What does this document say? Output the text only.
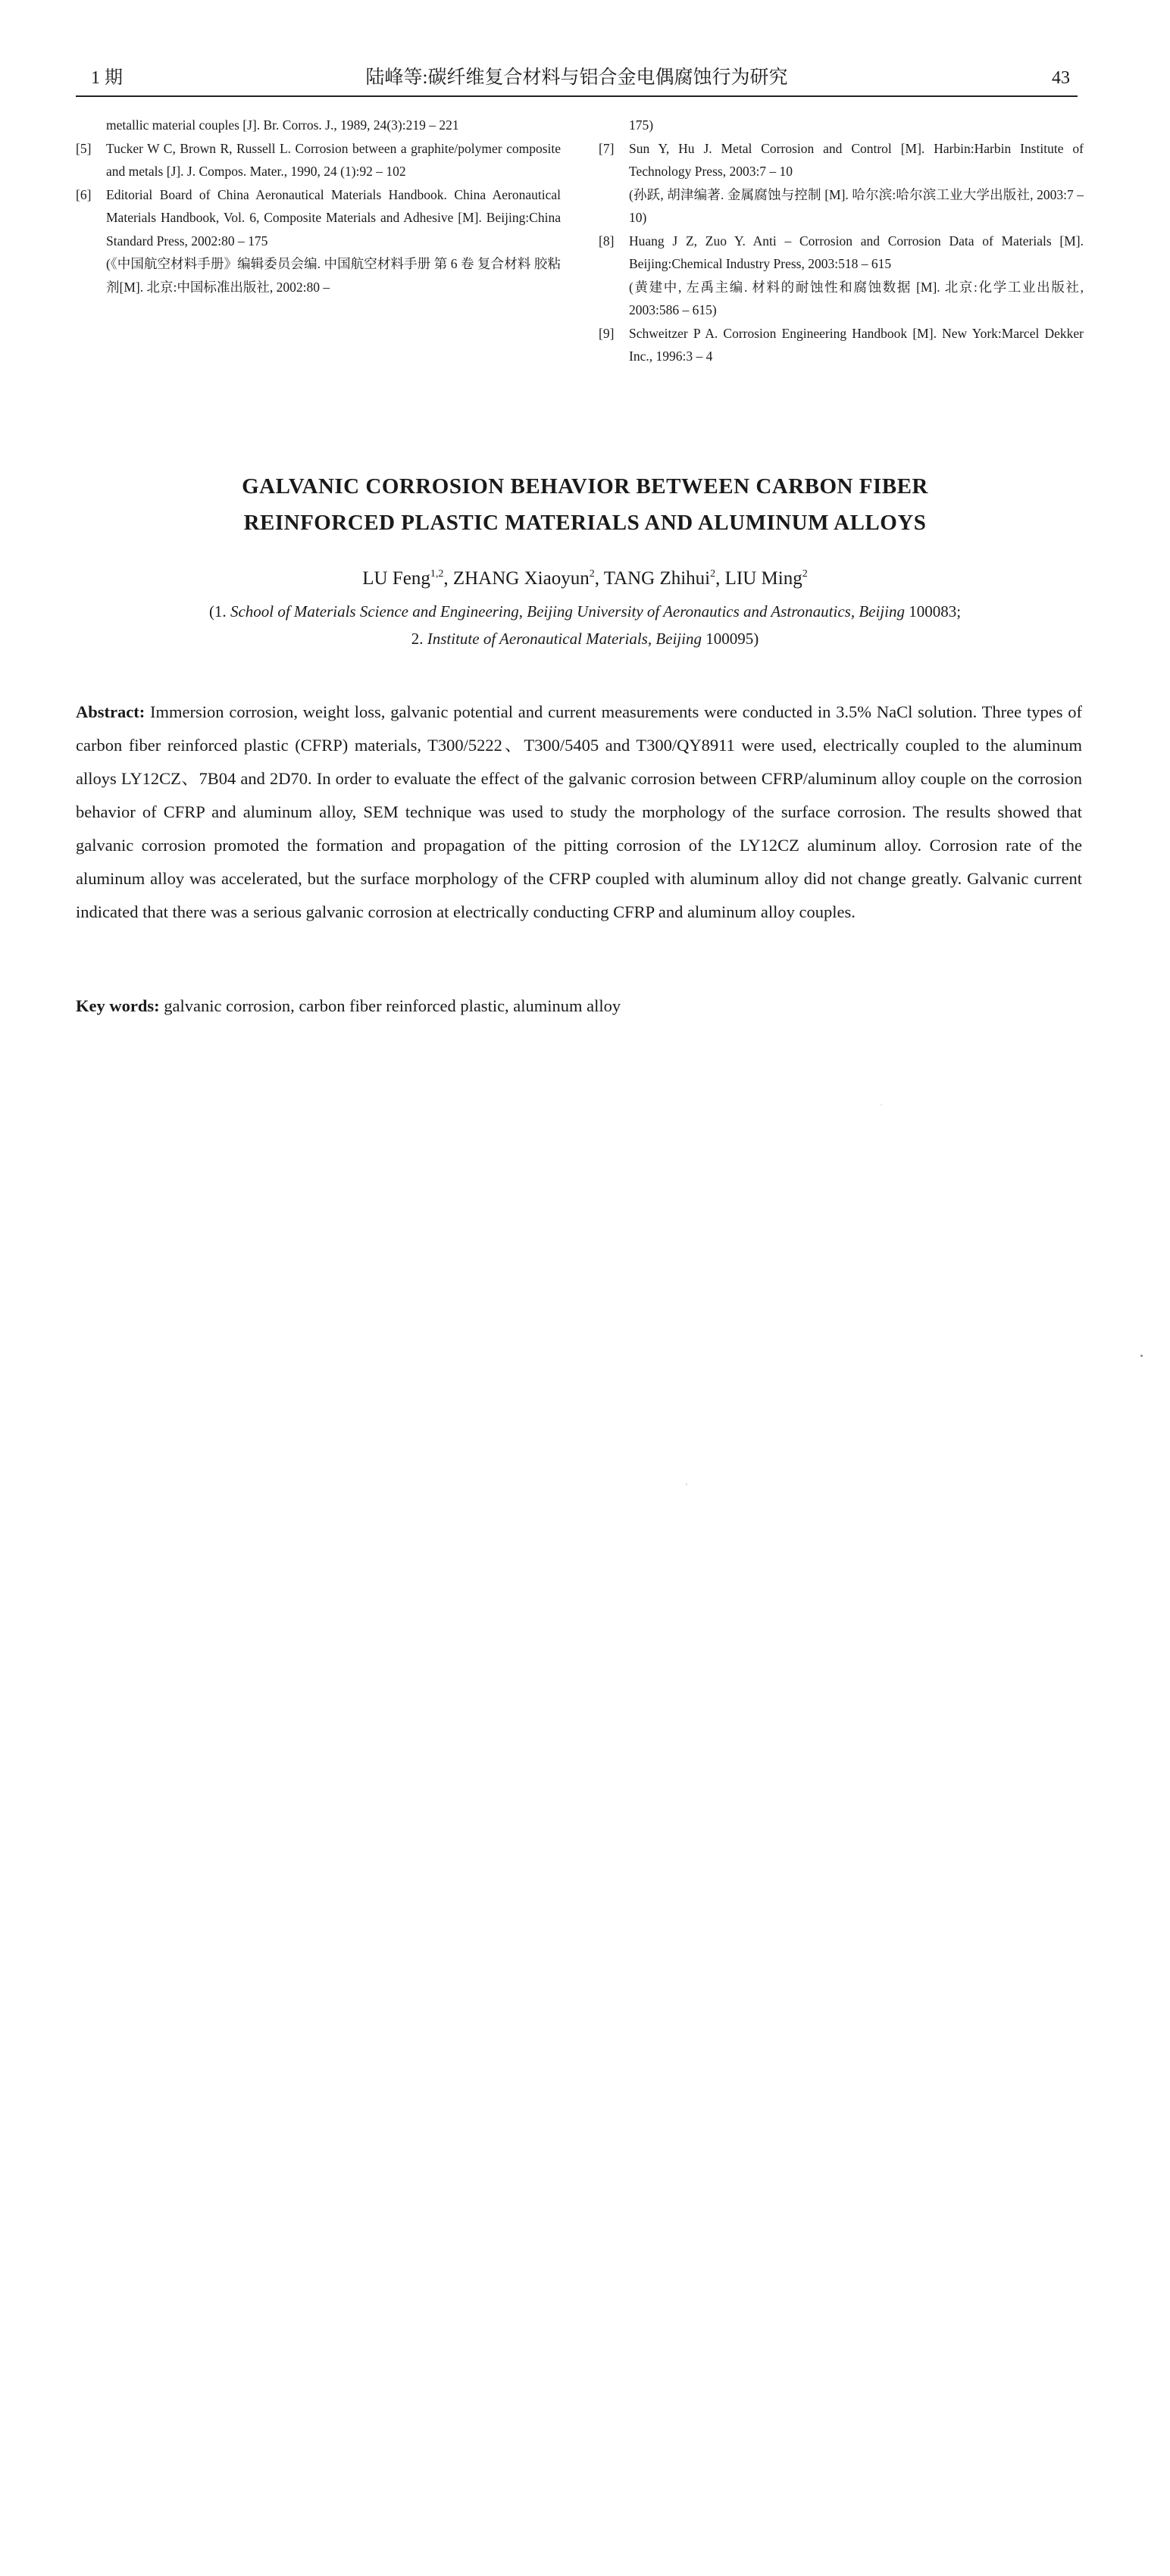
1 期	陆峰等:碳纤维复合材料与铝合金电偶腐蚀行为研究	43

metallic material couples [J]. Br. Corros. J., 1989, 24(3):219 – 221

[5] Tucker W C, Brown R, Russell L. Corrosion between a graphite/polymer composite and metals [J]. J. Compos. Mater., 1990, 24 (1):92 – 102

[6] Editorial Board of China Aeronautical Materials Handbook. China Aeronautical Materials Handbook, Vol. 6, Composite Materials and Adhesive [M]. Beijing:China Standard Press, 2002:80 – 175
(《中国航空材料手册》编辑委员会编. 中国航空材料手册 第 6 卷 复合材料 胶粘剂[M]. 北京:中国标准出版社, 2002:80 –

175)

[7] Sun Y, Hu J. Metal Corrosion and Control [M]. Harbin:Harbin Institute of Technology Press, 2003:7 – 10
(孙跃, 胡津编著. 金属腐蚀与控制 [M]. 哈尔滨:哈尔滨工业大学出版社, 2003:7 – 10)

[8] Huang J Z, Zuo Y. Anti – Corrosion and Corrosion Data of Materials [M]. Beijing:Chemical Industry Press, 2003:518 – 615
(黄建中, 左禹主编. 材料的耐蚀性和腐蚀数据 [M]. 北京:化学工业出版社, 2003:586 – 615)

[9] Schweitzer P A. Corrosion Engineering Handbook [M]. New York:Marcel Dekker Inc., 1996:3 – 4

GALVANIC CORROSION BEHAVIOR BETWEEN CARBON FIBER
REINFORCED PLASTIC MATERIALS AND ALUMINUM ALLOYS
LU Feng$^{1,2}$, ZHANG Xiaoyun$^2$, TANG Zhihui$^2$, LIU Ming$^2$
(1. School of Materials Science and Engineering, Beijing University of Aeronautics and Astronautics, Beijing 100083;
2. Institute of Aeronautical Materials, Beijing 100095)
Abstract: Immersion corrosion, weight loss, galvanic potential and current measurements were conducted in 3.5% NaCl solution. Three types of carbon fiber reinforced plastic (CFRP) materials, T300/5222、T300/5405 and T300/QY8911 were used, electrically coupled to the aluminum alloys LY12CZ、7B04 and 2D70. In order to evaluate the effect of the galvanic corrosion between CFRP/aluminum alloy couple on the corrosion behavior of CFRP and aluminum alloy, SEM technique was used to study the morphology of the surface corrosion. The results showed that galvanic corrosion promoted the formation and propagation of the pitting corrosion of the LY12CZ aluminum alloy. Corrosion rate of the aluminum alloy was accelerated, but the surface morphology of the CFRP coupled with aluminum alloy did not change greatly. Galvanic current indicated that there was a serious galvanic corrosion at electrically conducting CFRP and aluminum alloy couples.
Key words: galvanic corrosion, carbon fiber reinforced plastic, aluminum alloy
